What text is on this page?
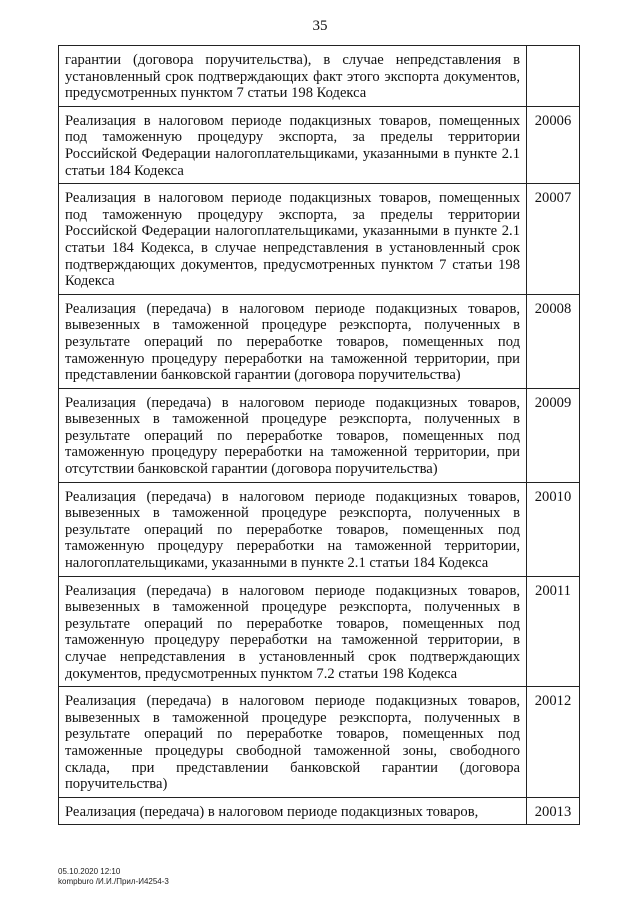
35
гарантии (договора поручительства), в случае непредставления в установленный срок подтверждающих факт этого экспорта документов, предусмотренных пунктом 7 статьи 198 Кодекса	
Реализация в налоговом периоде подакцизных товаров, помещенных под таможенную процедуру экспорта, за пределы территории Российской Федерации налогоплательщиками, указанными в пункте 2.1 статьи 184 Кодекса	20006
Реализация в налоговом периоде подакцизных товаров, помещенных под таможенную процедуру экспорта, за пределы территории Российской Федерации налогоплательщиками, указанными в пункте 2.1 статьи 184 Кодекса, в случае непредставления в установленный срок подтверждающих документов, предусмотренных пунктом 7 статьи 198 Кодекса	20007
Реализация (передача) в налоговом периоде подакцизных товаров, вывезенных в таможенной процедуре реэкспорта, полученных в результате операций по переработке товаров, помещенных под таможенную процедуру переработки на таможенной территории, при представлении банковской гарантии (договора поручительства)	20008
Реализация (передача) в налоговом периоде подакцизных товаров, вывезенных в таможенной процедуре реэкспорта, полученных в результате операций по переработке товаров, помещенных под таможенную процедуру переработки на таможенной территории, при отсутствии банковской гарантии (договора поручительства)	20009
Реализация (передача) в налоговом периоде подакцизных товаров, вывезенных в таможенной процедуре реэкспорта, полученных в результате операций по переработке товаров, помещенных под таможенную процедуру переработки на таможенной территории, налогоплательщиками, указанными в пункте 2.1 статьи 184 Кодекса	20010
Реализация (передача) в налоговом периоде подакцизных товаров, вывезенных в таможенной процедуре реэкспорта, полученных в результате операций по переработке товаров, помещенных под таможенную процедуру переработки на таможенной территории, в случае непредставления в установленный срок подтверждающих документов, предусмотренных пунктом 7.2 статьи 198 Кодекса	20011
Реализация (передача) в налоговом периоде подакцизных товаров, вывезенных в таможенной процедуре реэкспорта, полученных в результате операций по переработке товаров, помещенных под таможенные процедуры свободной таможенной зоны, свободного склада, при представлении банковской гарантии (договора поручительства)	20012
Реализация (передача) в налоговом периоде подакцизных товаров,	20013
05.10.2020 12:10
kompburo /И.И./Прил-И4254-3
